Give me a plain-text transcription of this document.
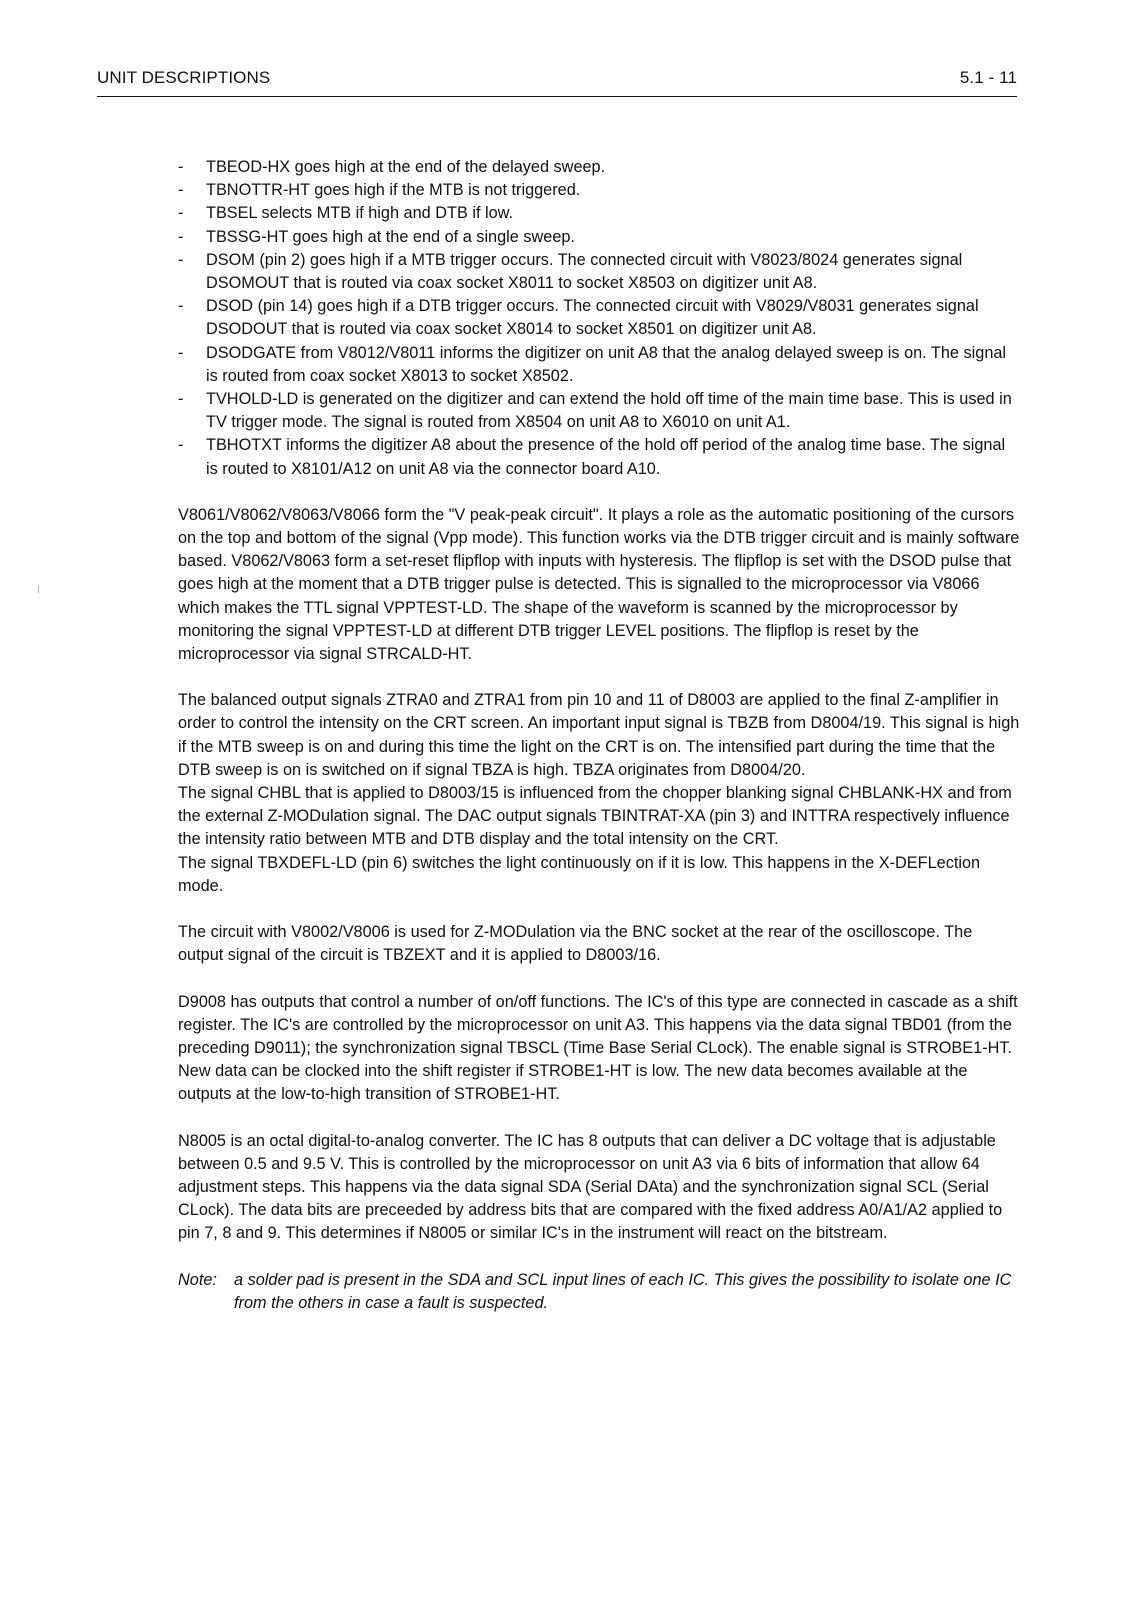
UNIT DESCRIPTIONS	5.1 - 11
- TBEOD-HX goes high at the end of the delayed sweep.
- TBNOTTR-HT goes high if the MTB is not triggered.
- TBSEL selects MTB if high and DTB if low.
- TBSSG-HT goes high at the end of a single sweep.
- DSOM (pin 2) goes high if a MTB trigger occurs. The connected circuit with V8023/8024 generates signal DSOMOUT that is routed via coax socket X8011 to socket X8503 on digitizer unit A8.
- DSOD (pin 14) goes high if a DTB trigger occurs. The connected circuit with V8029/V8031 generates signal DSODOUT that is routed via coax socket X8014 to socket X8501 on digitizer unit A8.
- DSODGATE from V8012/V8011 informs the digitizer on unit A8 that the analog delayed sweep is on. The signal is routed from coax socket X8013 to socket X8502.
- TVHOLD-LD is generated on the digitizer and can extend the hold off time of the main time base. This is used in TV trigger mode. The signal is routed from X8504 on unit A8 to X6010 on unit A1.
- TBHOTXT informs the digitizer A8 about the presence of the hold off period of the analog time base. The signal is routed to X8101/A12 on unit A8 via the connector board A10.

V8061/V8062/V8063/V8066 form the "V peak-peak circuit". It plays a role as the automatic positioning of the cursors on the top and bottom of the signal (Vpp mode). This function works via the DTB trigger circuit and is mainly software based. V8062/V8063 form a set-reset flipflop with inputs with hysteresis. The flipflop is set with the DSOD pulse that goes high at the moment that a DTB trigger pulse is detected. This is signalled to the microprocessor via V8066 which makes the TTL signal VPPTEST-LD. The shape of the waveform is scanned by the microprocessor by monitoring the signal VPPTEST-LD at different DTB trigger LEVEL positions. The flipflop is reset by the microprocessor via signal STRCALD-HT.

The balanced output signals ZTRA0 and ZTRA1 from pin 10 and 11 of D8003 are applied to the final Z-amplifier in order to control the intensity on the CRT screen. An important input signal is TBZB from D8004/19. This signal is high if the MTB sweep is on and during this time the light on the CRT is on. The intensified part during the time that the DTB sweep is on is switched on if signal TBZA is high. TBZA originates from D8004/20.

The signal CHBL that is applied to D8003/15 is influenced from the chopper blanking signal CHBLANK-HX and from the external Z-MODulation signal. The DAC output signals TBINTRAT-XA (pin 3) and INTTRA respectively influence the intensity ratio between MTB and DTB display and the total intensity on the CRT.

The signal TBXDEFL-LD (pin 6) switches the light continuously on if it is low. This happens in the X-DEFLection mode.

The circuit with V8002/V8006 is used for Z-MODulation via the BNC socket at the rear of the oscilloscope. The output signal of the circuit is TBZEXT and it is applied to D8003/16.

D9008 has outputs that control a number of on/off functions. The IC's of this type are connected in cascade as a shift register. The IC's are controlled by the microprocessor on unit A3. This happens via the data signal TBD01 (from the preceding D9011); the synchronization signal TBSCL (Time Base Serial CLock). The enable signal is STROBE1-HT. New data can be clocked into the shift register if STROBE1-HT is low. The new data becomes available at the outputs at the low-to-high transition of STROBE1-HT.

N8005 is an octal digital-to-analog converter. The IC has 8 outputs that can deliver a DC voltage that is adjustable between 0.5 and 9.5 V. This is controlled by the microprocessor on unit A3 via 6 bits of information that allow 64 adjustment steps. This happens via the data signal SDA (Serial DAta) and the synchronization signal SCL (Serial CLock). The data bits are preceeded by address bits that are compared with the fixed address A0/A1/A2 applied to pin 7, 8 and 9. This determines if N8005 or similar IC's in the instrument will react on the bitstream.

Note:	a solder pad is present in the SDA and SCL input lines of each IC. This gives the possibility to isolate one IC from the others in case a fault is suspected.
